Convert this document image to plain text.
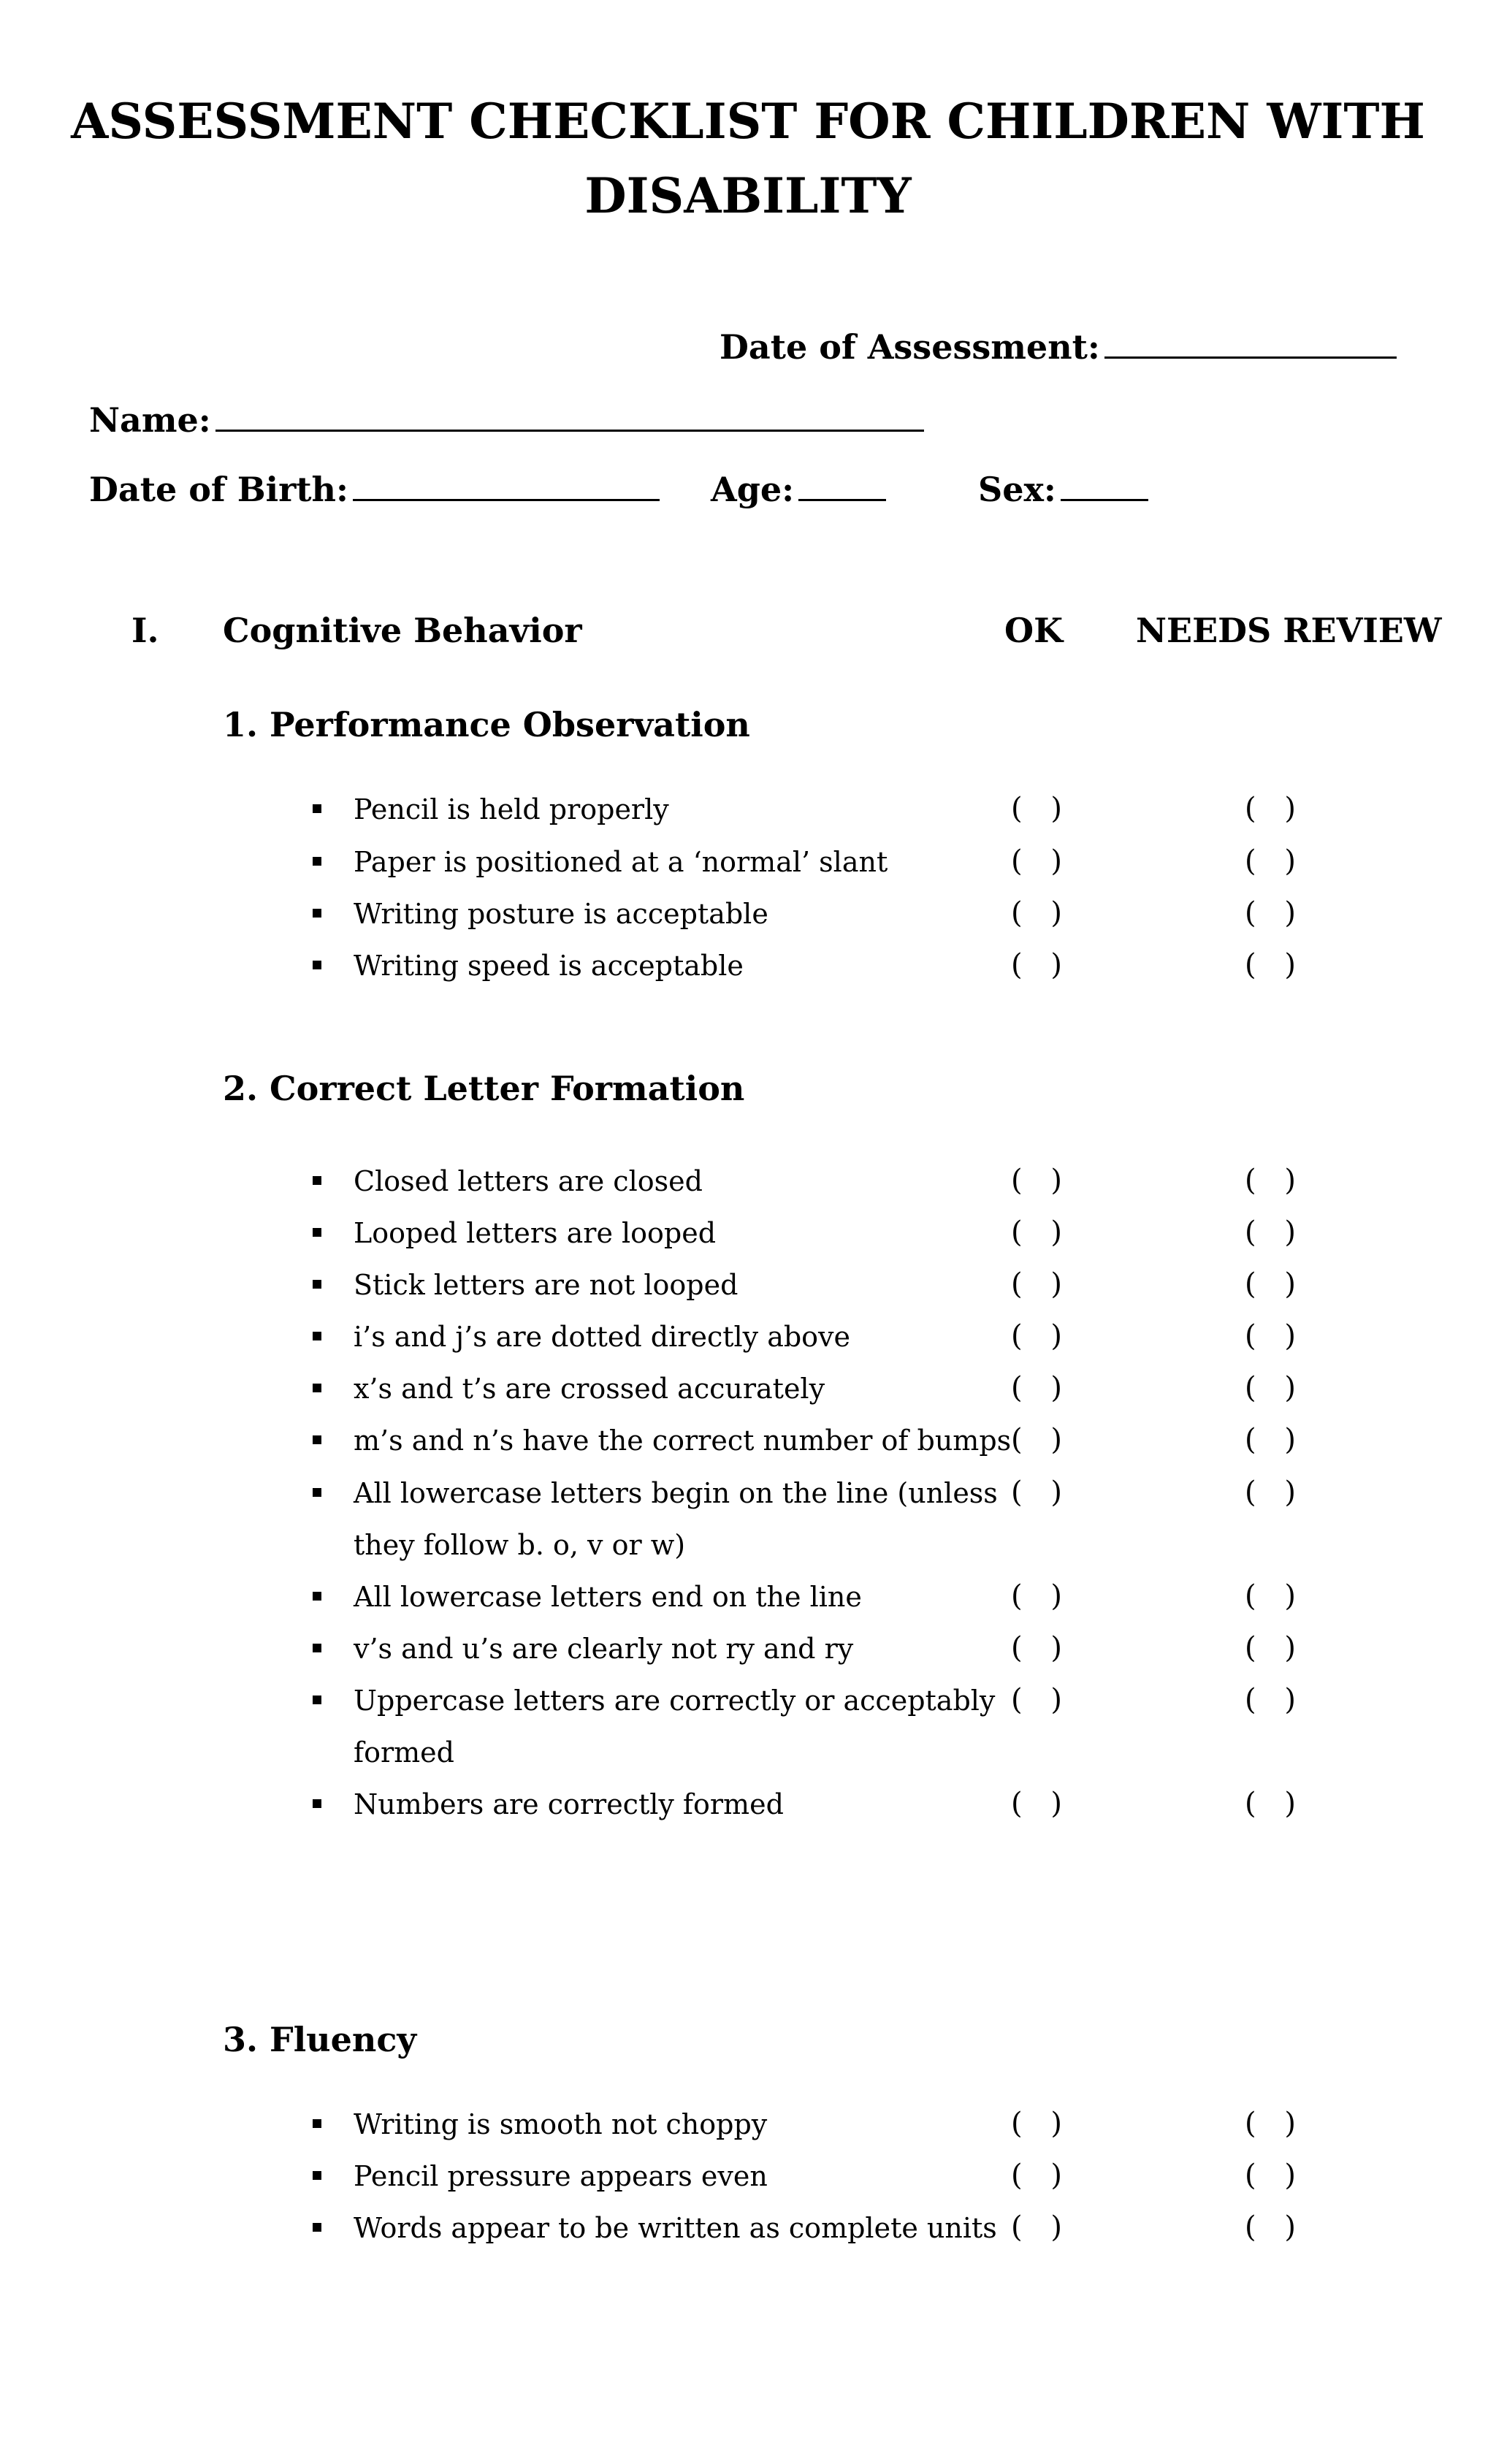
ASSESSMENT CHECKLIST FOR CHILDREN WITH
DISABILITY
Date of Assessment:
Name:
Date of Birth:	Age:	Sex:
I. Cognitive Behavior	OK NEEDS REVIEW
1. Performance Observation
Pencil is held properly	( )	( )
Paper is positioned at a ‘normal’ slant	( )	( )
Writing posture is acceptable	( )	( )
Writing speed is acceptable	( )	( )
2. Correct Letter Formation
Closed letters are closed	( )	( )
Looped letters are looped	( )	( )
Stick letters are not looped	( )	( )
i’s and j’s are dotted directly above	( )	( )
x’s and t’s are crossed accurately	( )	( )
m’s and n’s have the correct number of bumps ( )	( )
All lowercase letters begin on the line (unless
they follow b. o, v or w)
( )	( )
All lowercase letters end on the line	( )	( )
v’s and u’s are clearly not ry and ry	( )	( )
Uppercase letters are correctly or acceptably
formed
( )	( )
Numbers are correctly formed	( )	( )
3. Fluency
Writing is smooth not choppy	( )	( )
Pencil pressure appears even	( )	( )
Words appear to be written as complete units ( )	( )
